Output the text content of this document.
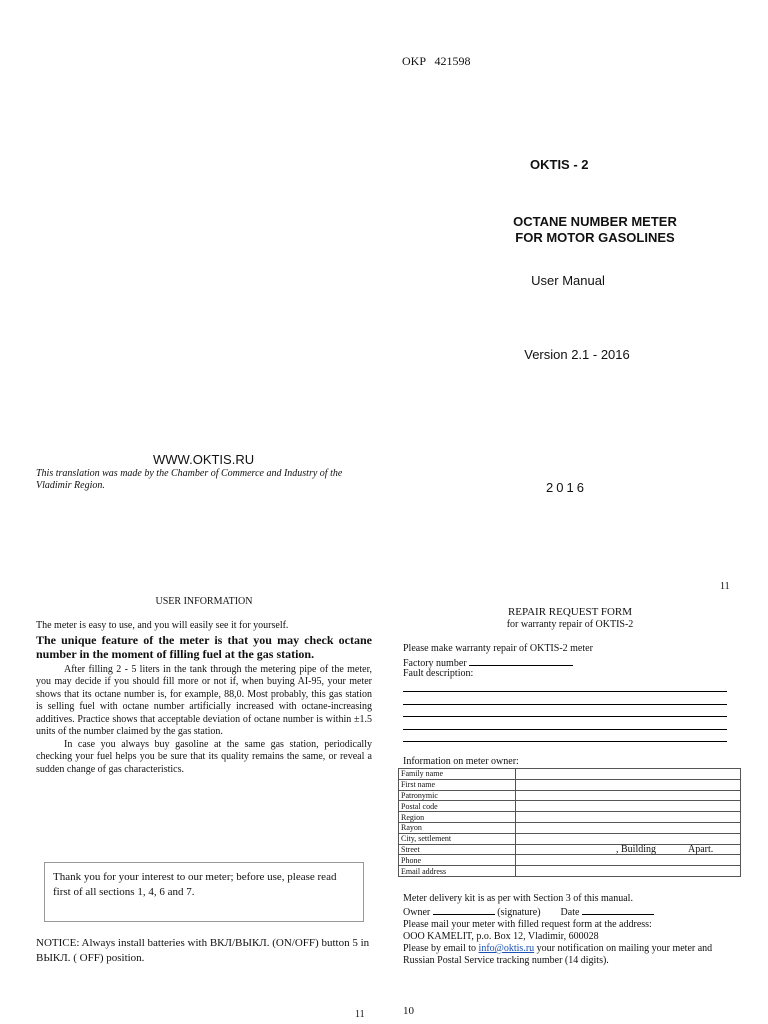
OKP 421598
OKTIS - 2
OCTANE NUMBER METER
FOR MOTOR GASOLINES
User Manual
Version 2.1 - 2016
2016
WWW.OKTIS.RU
This translation was made by the Chamber of Commerce and Industry of the Vladimir Region.
USER INFORMATION

The meter is easy to use, and you will easily see it for yourself.

The unique feature of the meter is that you may check octane number in the moment of filling fuel at the gas station.

After filling 2 - 5 liters in the tank through the metering pipe of the meter, you may decide if you should fill more or not if, when buying AI-95, your meter shows that its octane number is, for example, 88,0. Most probably, this gas station is selling fuel with octane number artificially increased with octane-increasing additives. Practice shows that acceptable deviation of octane number is within ±1.5 units of the number claimed by the gas station.

In case you always buy gasoline at the same gas station, periodically checking your fuel helps you be sure that its quality remains the same, or reveal a sudden change of gas characteristics.

Thank you for your interest to our meter; before use, please read first of all sections 1, 4, 6 and 7.
NOTICE: Always install batteries with ВКЛ/ВЫКЛ. (ON/OFF) button 5 in ВЫКЛ. ( OFF) position.
11
11
REPAIR REQUEST FORM
for warranty repair of OKTIS-2
Please make warranty repair of OKTIS-2 meter
Factory number
Fault description:
Information on meter owner:
Family name	
First name	
Patronymic	
Postal code	
Region	
Rayon	
City, settlement	
Street	, Building Apart.

Phone	
Email address	

Meter delivery kit is as per with Section 3 of this manual.

Owner	(signature) Date

Please mail your meter with filled request form at the address:

OOO KAMELIT, p.o. Box 12, Vladimir, 600028

Please by email to info@oktis.ru your notification on mailing your meter and Russian Postal Service tracking number (14 digits).

10
